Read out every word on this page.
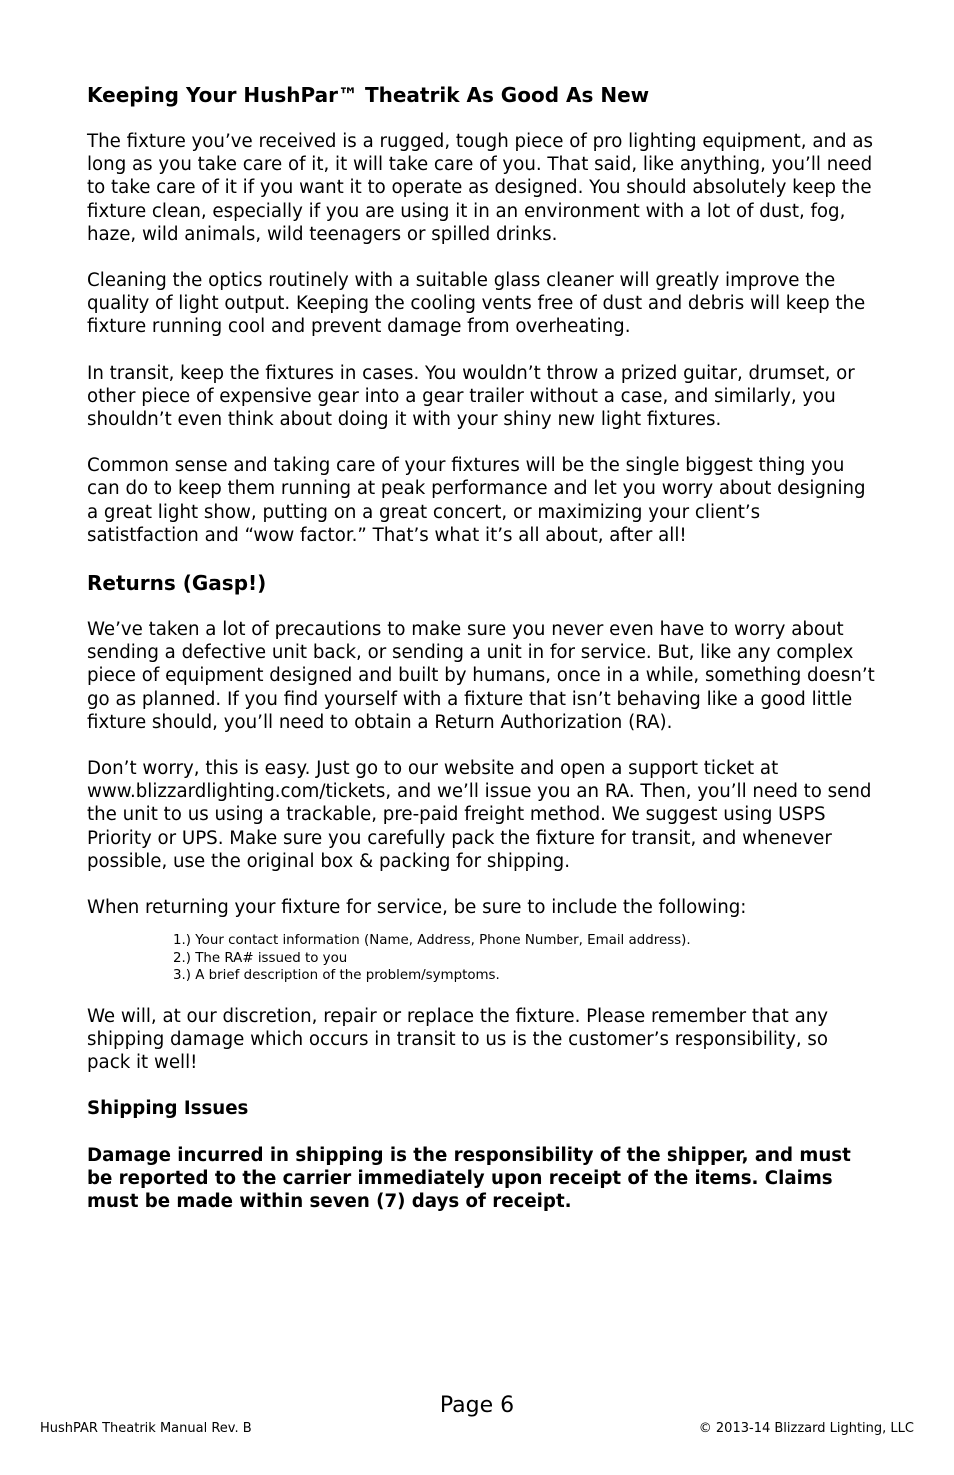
Keeping Your HushPar™ Theatrik As Good As New

The fixture you’ve received is a rugged, tough piece of pro lighting equipment, and as long as you take care of it, it will take care of you. That said, like anything, you’ll need to take care of it if you want it to operate as designed. You should absolutely keep the fixture clean, especially if you are using it in an environment with a lot of dust, fog, haze, wild animals, wild teenagers or spilled drinks.

Cleaning the optics routinely with a suitable glass cleaner will greatly improve the quality of light output. Keeping the cooling vents free of dust and debris will keep the fixture running cool and prevent damage from overheating.

In transit, keep the fixtures in cases. You wouldn’t throw a prized guitar, drumset, or other piece of expensive gear into a gear trailer without a case, and similarly, you shouldn’t even think about doing it with your shiny new light fixtures.

Common sense and taking care of your fixtures will be the single biggest thing you can do to keep them running at peak performance and let you worry about designing a great light show, putting on a great concert, or maximizing your client’s satistfaction and “wow factor.” That’s what it’s all about, after all!

Returns (Gasp!)

We’ve taken a lot of precautions to make sure you never even have to worry about sending a defective unit back, or sending a unit in for service. But, like any complex piece of equipment designed and built by humans, once in a while, something doesn’t go as planned. If you find yourself with a fixture that isn’t behaving like a good little fixture should, you’ll need to obtain a Return Authorization (RA).

Don’t worry, this is easy. Just go to our website and open a support ticket at www.blizzardlighting.com/tickets, and we’ll issue you an RA. Then, you’ll need to send the unit to us using a trackable, pre-paid freight method. We suggest using USPS Priority or UPS. Make sure you carefully pack the fixture for transit, and whenever possible, use the original box & packing for shipping.

When returning your fixture for service, be sure to include the following:

1.) Your contact information (Name, Address, Phone Number, Email address).
2.) The RA# issued to you
3.) A brief description of the problem/symptoms.

We will, at our discretion, repair or replace the fixture. Please remember that any shipping damage which occurs in transit to us is the customer’s responsibility, so pack it well!

Shipping Issues
Damage incurred in shipping is the responsibility of the shipper, and must be reported to the carrier immediately upon receipt of the items. Claims must be made within seven (7) days of receipt.
Page 6
HushPAR Theatrik Manual Rev. B	© 2013-14 Blizzard Lighting, LLC
